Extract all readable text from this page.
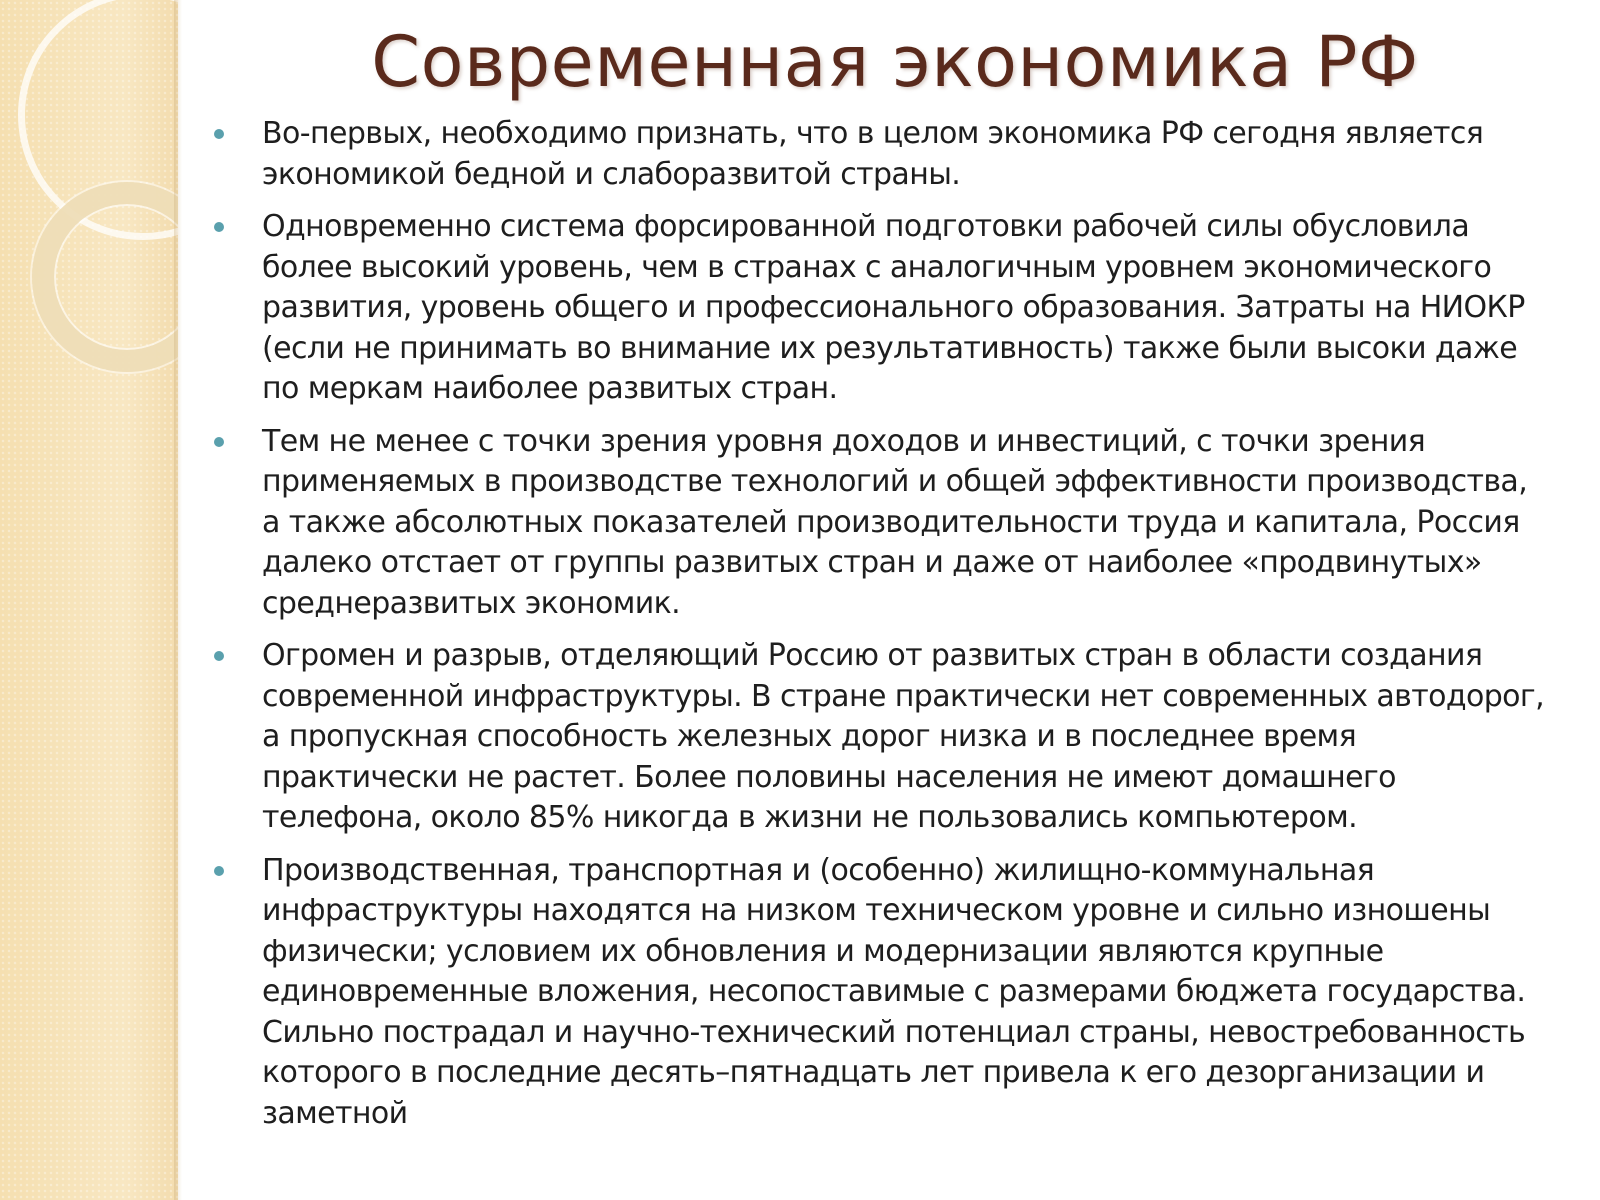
Современная экономика РФ
Во-первых, необходимо признать, что в целом экономика РФ сегодня является экономикой бедной и слаборазвитой страны.
Одновременно система форсированной подготовки рабочей силы обусловила более высокий уровень, чем в странах с аналогичным уровнем экономического развития, уровень общего и профессионального образования. Затраты на НИОКР (если не принимать во внимание их результативность) также были высоки даже по меркам наиболее развитых стран.
Тем не менее с точки зрения уровня доходов и инвестиций, с точки зрения применяемых в производстве технологий и общей эффективности производства, а также абсолютных показателей производительности труда и капитала, Россия далеко отстает от группы развитых стран и даже от наиболее «продвинутых» среднеразвитых экономик.
Огромен и разрыв, отделяющий Россию от развитых стран в области создания современной инфраструктуры. В стране практически нет современных автодорог, а пропускная способность железных дорог низка и в последнее время практически не растет. Более половины населения не имеют домашнего телефона, около 85% никогда в жизни не пользовались компьютером.
Производственная, транспортная и (особенно) жилищно-коммунальная инфраструктуры находятся на низком техническом уровне и сильно изношены физически; условием их обновления и модернизации являются крупные единовременные вложения, несопоставимые с размерами бюджета государства. Сильно пострадал и научно-технический потенциал страны, невостребованность которого в последние десять–пятнадцать лет привела к его дезорганизации и заметной
